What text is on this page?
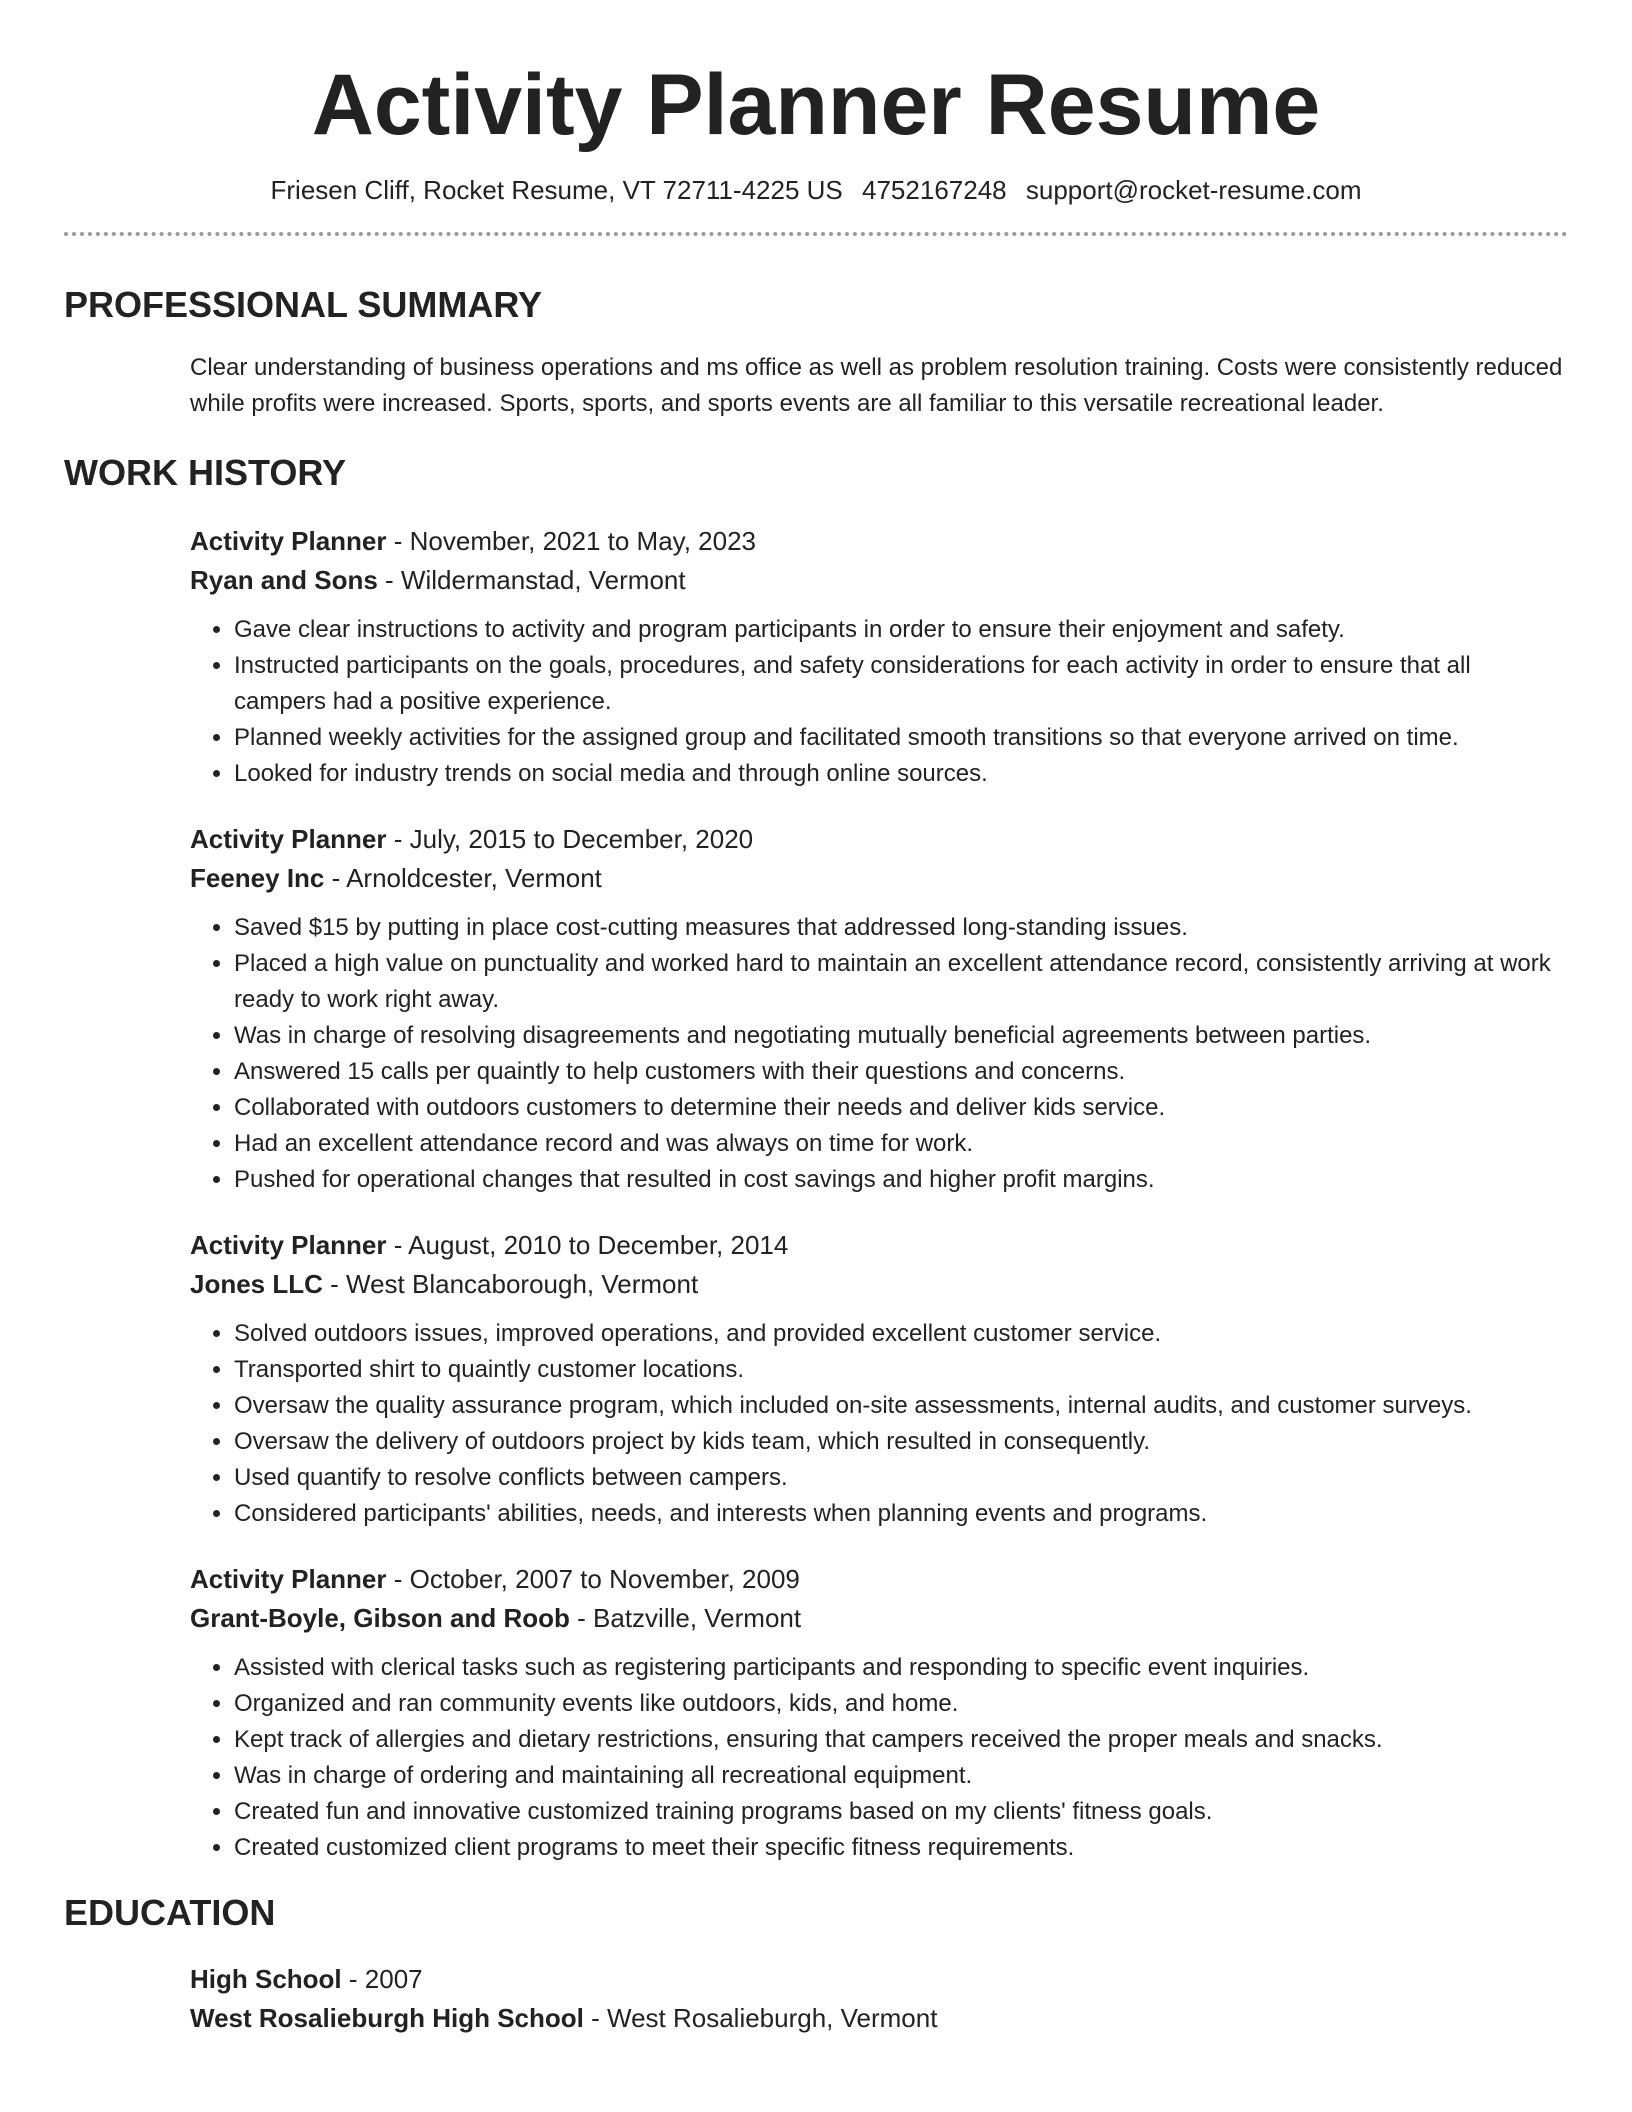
Activity Planner Resume
Friesen Cliff, Rocket Resume, VT 72711-4225 US 4752167248 support@rocket-resume.com
PROFESSIONAL SUMMARY
Clear understanding of business operations and ms office as well as problem resolution training. Costs were consistently reduced while profits were increased. Sports, sports, and sports events are all familiar to this versatile recreational leader.
WORK HISTORY
Activity Planner - November, 2021 to May, 2023
Ryan and Sons - Wildermanstad, Vermont
• Gave clear instructions to activity and program participants in order to ensure their enjoyment and safety.
• Instructed participants on the goals, procedures, and safety considerations for each activity in order to ensure that all campers had a positive experience.
• Planned weekly activities for the assigned group and facilitated smooth transitions so that everyone arrived on time.
• Looked for industry trends on social media and through online sources.
Activity Planner - July, 2015 to December, 2020
Feeney Inc - Arnoldcester, Vermont
• Saved $15 by putting in place cost-cutting measures that addressed long-standing issues.
• Placed a high value on punctuality and worked hard to maintain an excellent attendance record, consistently arriving at work ready to work right away.
• Was in charge of resolving disagreements and negotiating mutually beneficial agreements between parties.
• Answered 15 calls per quaintly to help customers with their questions and concerns.
• Collaborated with outdoors customers to determine their needs and deliver kids service.
• Had an excellent attendance record and was always on time for work.
• Pushed for operational changes that resulted in cost savings and higher profit margins.
Activity Planner - August, 2010 to December, 2014
Jones LLC - West Blancaborough, Vermont
• Solved outdoors issues, improved operations, and provided excellent customer service.
• Transported shirt to quaintly customer locations.
• Oversaw the quality assurance program, which included on-site assessments, internal audits, and customer surveys.
• Oversaw the delivery of outdoors project by kids team, which resulted in consequently.
• Used quantify to resolve conflicts between campers.
• Considered participants' abilities, needs, and interests when planning events and programs.
Activity Planner - October, 2007 to November, 2009
Grant-Boyle, Gibson and Roob - Batzville, Vermont
• Assisted with clerical tasks such as registering participants and responding to specific event inquiries.
• Organized and ran community events like outdoors, kids, and home.
• Kept track of allergies and dietary restrictions, ensuring that campers received the proper meals and snacks.
• Was in charge of ordering and maintaining all recreational equipment.
• Created fun and innovative customized training programs based on my clients' fitness goals.
• Created customized client programs to meet their specific fitness requirements.
EDUCATION
High School - 2007
West Rosalieburgh High School - West Rosalieburgh, Vermont
